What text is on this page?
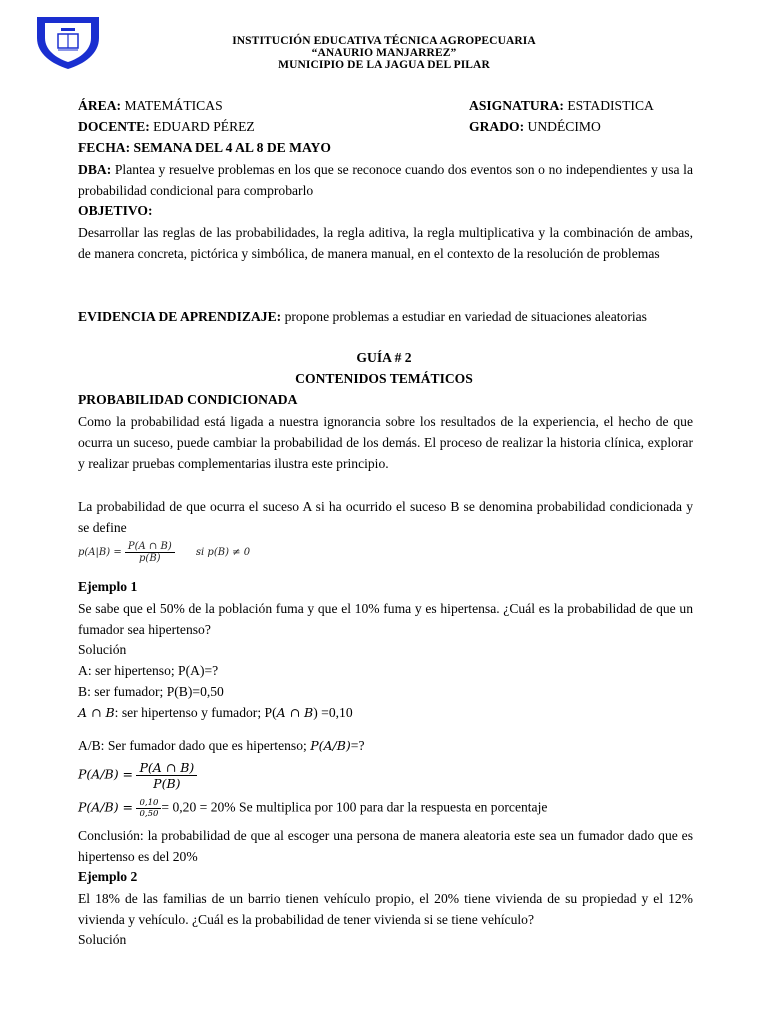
INSTITUCIÓN EDUCATIVA TÉCNICA AGROPECUARIA
“ANAURIO MANJARREZ”
MUNICIPIO DE LA JAGUA DEL PILAR
ÁREA: MATEMÁTICAS	ASIGNATURA: ESTADISTICA
DOCENTE: EDUARD PÉREZ	GRADO: UNDÉCIMO
FECHA: SEMANA DEL 4 AL 8 DE MAYO
DBA: Plantea y resuelve problemas en los que se reconoce cuando dos eventos son o no independientes y usa la probabilidad condicional para comprobarlo
OBJETIVO:
Desarrollar las reglas de las probabilidades, la regla aditiva, la regla multiplicativa y la combinación de ambas, de manera concreta, pictórica y simbólica, de manera manual, en el contexto de la resolución de problemas
EVIDENCIA DE APRENDIZAJE: propone problemas a estudiar en variedad de situaciones aleatorias
GUÍA # 2
CONTENIDOS TEMÁTICOS
PROBABILIDAD CONDICIONADA
Como la probabilidad está ligada a nuestra ignorancia sobre los resultados de la experiencia, el hecho de que ocurra un suceso, puede cambiar la probabilidad de los demás. El proceso de realizar la historia clínica, explorar y realizar pruebas complementarias ilustra este principio.
La probabilidad de que ocurra el suceso A si ha ocurrido el suceso B se denomina probabilidad condicionada y se define
$p(A|B) = \frac{P(A \cap B)}{p(B)}$ si p(B) ≠ 0
Ejemplo 1
Se sabe que el 50% de la población fuma y que el 10% fuma y es hipertensa. ¿Cuál es la probabilidad de que un fumador sea hipertenso?
Solución
A: ser hipertenso; P(A)=?
B: ser fumador; P(B)=0,50
A ∩ B: ser hipertenso y fumador; P(A ∩ B) =0,10
A/B: Ser fumador dado que es hipertenso; P(A/B)=?
$P(A/B) = \frac{P(A \cap B)}{P(B)}$
$P(A/B) = \frac{0,10}{0,50} = 0,20 = 20\%$ Se multiplica por 100 para dar la respuesta en porcentaje
Conclusión: la probabilidad de que al escoger una persona de manera aleatoria este sea un fumador dado que es hipertenso es del 20%
Ejemplo 2
El 18% de las familias de un barrio tienen vehículo propio, el 20% tiene vivienda de su propiedad y el 12% vivienda y vehículo. ¿Cuál es la probabilidad de tener vivienda si se tiene vehículo?
Solución
